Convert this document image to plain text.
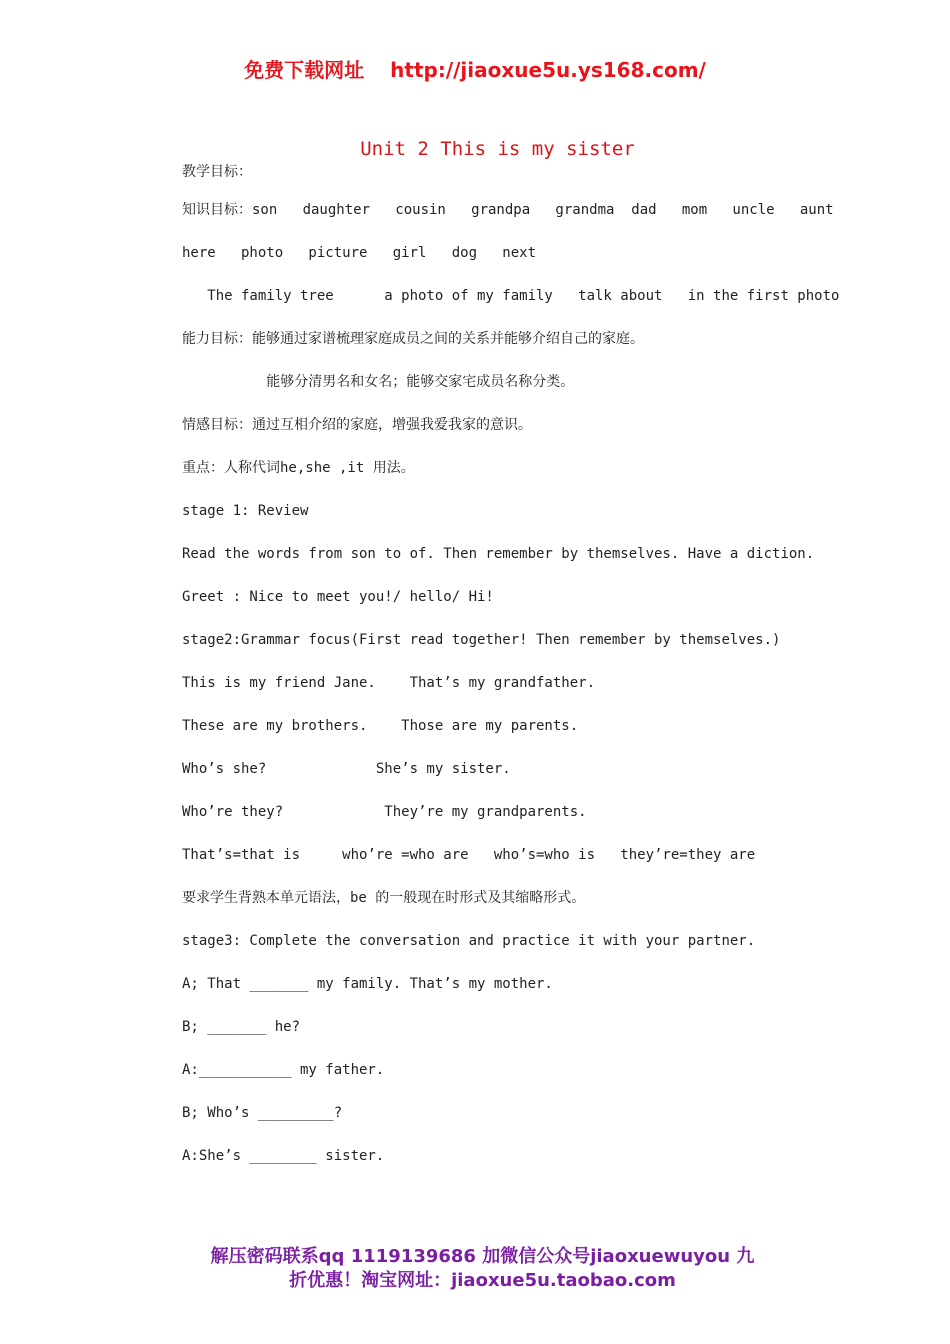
免费下载网址 http://jiaoxue5u.ys168.com/
Unit 2 This is my sister
教学目标：
知识目标：son   daughter   cousin   grandpa   grandma  dad   mom   uncle   aunt
here   photo   picture   girl   dog   next
The family tree      a photo of my family   talk about   in the first photo
能力目标：能够通过家谱梳理家庭成员之间的关系并能够介绍自己的家庭。
能够分清男名和女名；能够交家宅成员名称分类。
情感目标：通过互相介绍的家庭，增强我爱我家的意识。
重点：人称代词he,she ,it 用法。
stage 1: Review
Read the words from son to of. Then remember by themselves. Have a diction.
Greet : Nice to meet you!/ hello/ Hi!
stage2:Grammar focus(First read together! Then remember by themselves.)
This is my friend Jane.    That’s my grandfather.
These are my brothers.    Those are my parents.
Who’s she?             She’s my sister.
Who’re they?            They’re my grandparents.
That’s=that is     who’re =who are   who’s=who is   they’re=they are
要求学生背熟本单元语法，be 的一般现在时形式及其缩略形式。
stage3: Complete the conversation and practice it with your partner.
A; That _______ my family. That’s my mother.
B; _______ he?
A:___________ my father.
B; Who’s _________?
A:She’s ________ sister.
解压密码联系qq 1119139686 加微信公众号jiaoxuewuyou 九
折优惠！淘宝网址：jiaoxue5u.taobao.com
